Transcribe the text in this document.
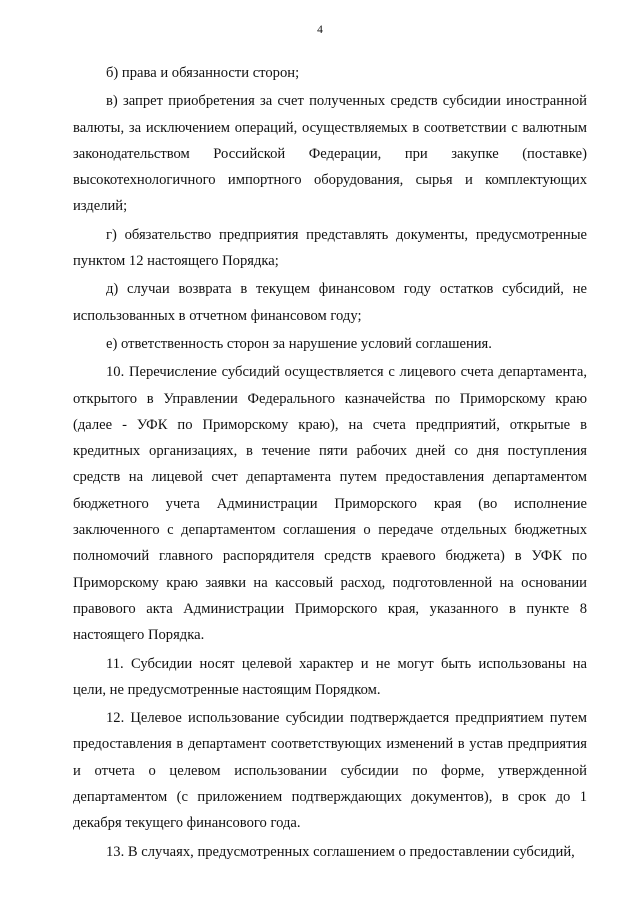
4

б) права и обязанности сторон;

в) запрет приобретения за счет полученных средств субсидии иностранной валюты, за исключением операций, осуществляемых в соответствии с валютным законодательством Российской Федерации, при закупке (поставке) высокотехнологичного импортного оборудования, сырья и комплектующих изделий;

г) обязательство предприятия представлять документы, предусмотренные пунктом 12 настоящего Порядка;

д) случаи возврата в текущем финансовом году остатков субсидий, не использованных в отчетном финансовом году;

е) ответственность сторон за нарушение условий соглашения.

10. Перечисление субсидий осуществляется с лицевого счета департамента, открытого в Управлении Федерального казначейства по Приморскому краю (далее - УФК по Приморскому краю), на счета предприятий, открытые в кредитных организациях, в течение пяти рабочих дней со дня поступления средств на лицевой счет департамента путем предоставления департаментом бюджетного учета Администрации Приморского края (во исполнение заключенного с департаментом соглашения о передаче отдельных бюджетных полномочий главного распорядителя средств краевого бюджета) в УФК по Приморскому краю заявки на кассовый расход, подготовленной на основании правового акта Администрации Приморского края, указанного в пункте 8 настоящего Порядка.

11. Субсидии носят целевой характер и не могут быть использованы на цели, не предусмотренные настоящим Порядком.

12. Целевое использование субсидии подтверждается предприятием путем предоставления в департамент соответствующих изменений в устав предприятия и отчета о целевом использовании субсидии по форме, утвержденной департаментом (с приложением подтверждающих документов), в срок до 1 декабря текущего финансового года.

13. В случаях, предусмотренных соглашением о предоставлении субсидий,
